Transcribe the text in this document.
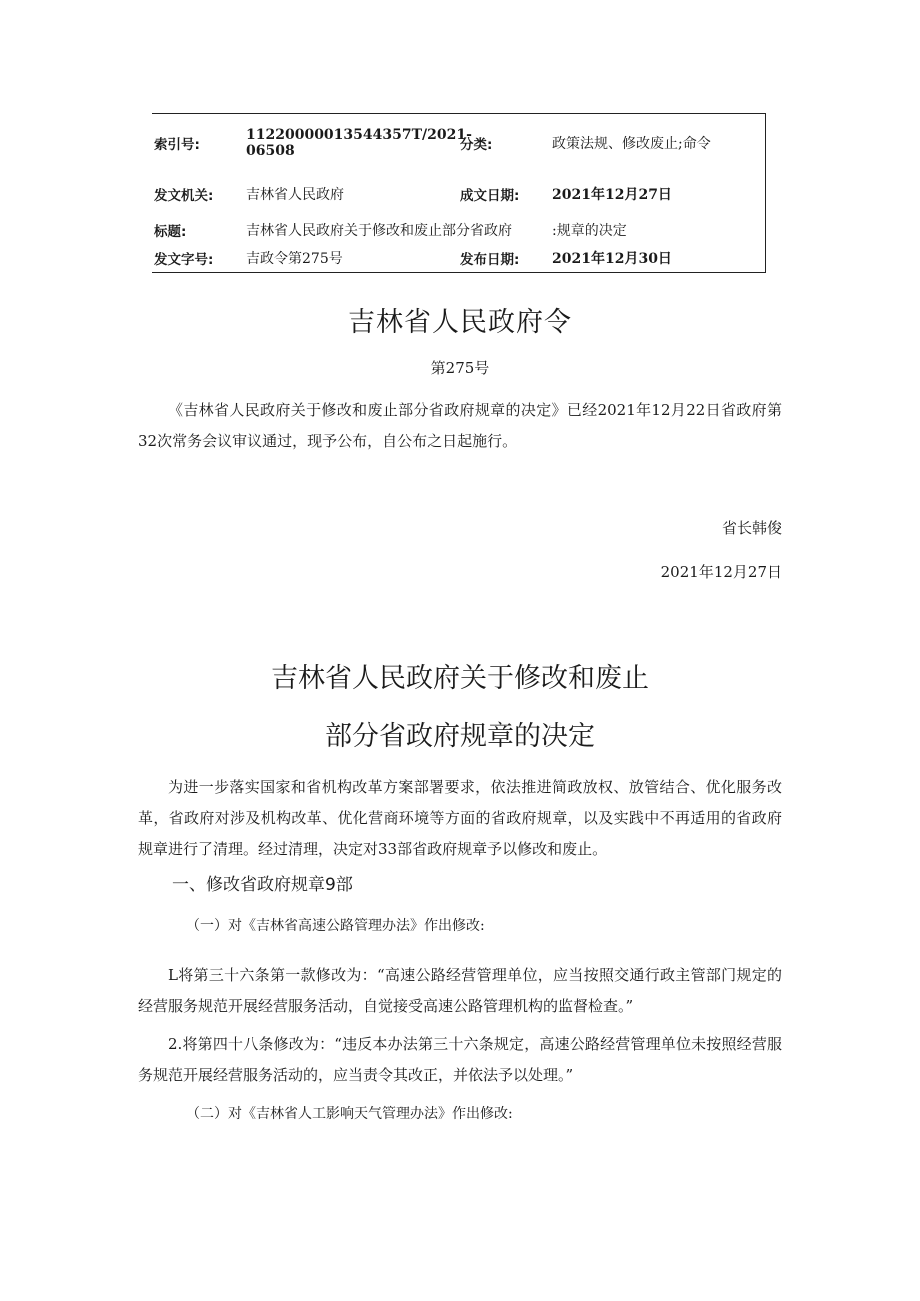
索引号:	11220000013544357T/2021-06508	分类:	政策法规、修改废止;命令
发文机关:	吉林省人民政府	成文日期:	2021年12月27日
标题:	吉林省人民政府关于修改和废止部分省政府		:规章的决定
发文字号:	吉政令第275号	发布日期:	2021年12月30日
吉林省人民政府令
第275号
《吉林省人民政府关于修改和废止部分省政府规章的决定》已经2021年12月22日省政府第32次常务会议审议通过，现予公布，自公布之日起施行。
省长韩俊
2021年12月27日
吉林省人民政府关于修改和废止
部分省政府规章的决定
为进一步落实国家和省机构改革方案部署要求，依法推进简政放权、放管结合、优化服务改革，省政府对涉及机构改革、优化营商环境等方面的省政府规章，以及实践中不再适用的省政府规章进行了清理。经过清理，决定对33部省政府规章予以修改和废止。
一、修改省政府规章9部
（一）对《吉林省高速公路管理办法》作出修改:
L将第三十六条第一款修改为：“高速公路经营管理单位，应当按照交通行政主管部门规定的经营服务规范开展经营服务活动，自觉接受高速公路管理机构的监督检查。”
2.将第四十八条修改为：“违反本办法第三十六条规定，高速公路经营管理单位未按照经营服务规范开展经营服务活动的，应当责令其改正，并依法予以处理。”
（二）对《吉林省人工影响天气管理办法》作出修改:
